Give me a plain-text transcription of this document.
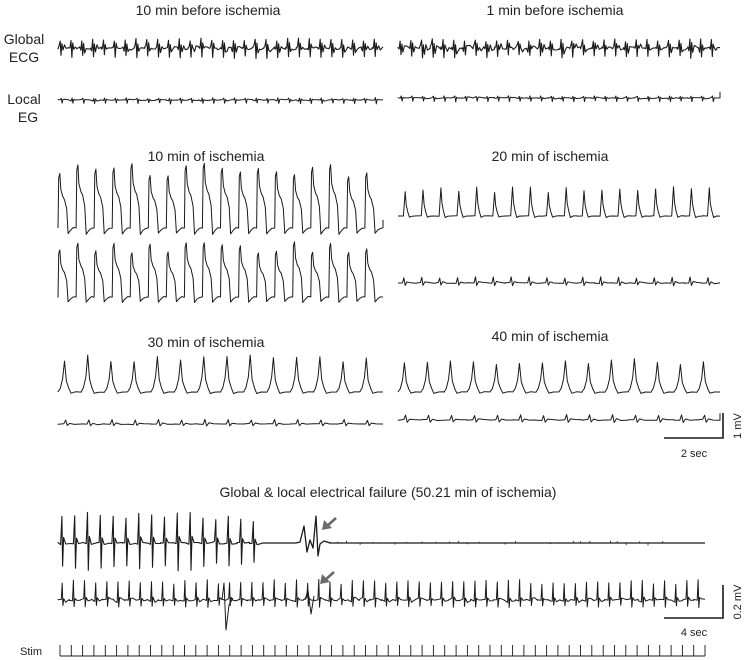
10 min before ischemia	1 min before ischemia
10 min of ischemia	20 min of ischemia
30 min of ischemia	40 min of ischemia
Global & local electrical failure (50.21 min of ischemia)
Global
ECG
Local
EG
Stim
2 sec
1 mV
4 sec
0.2 mV
